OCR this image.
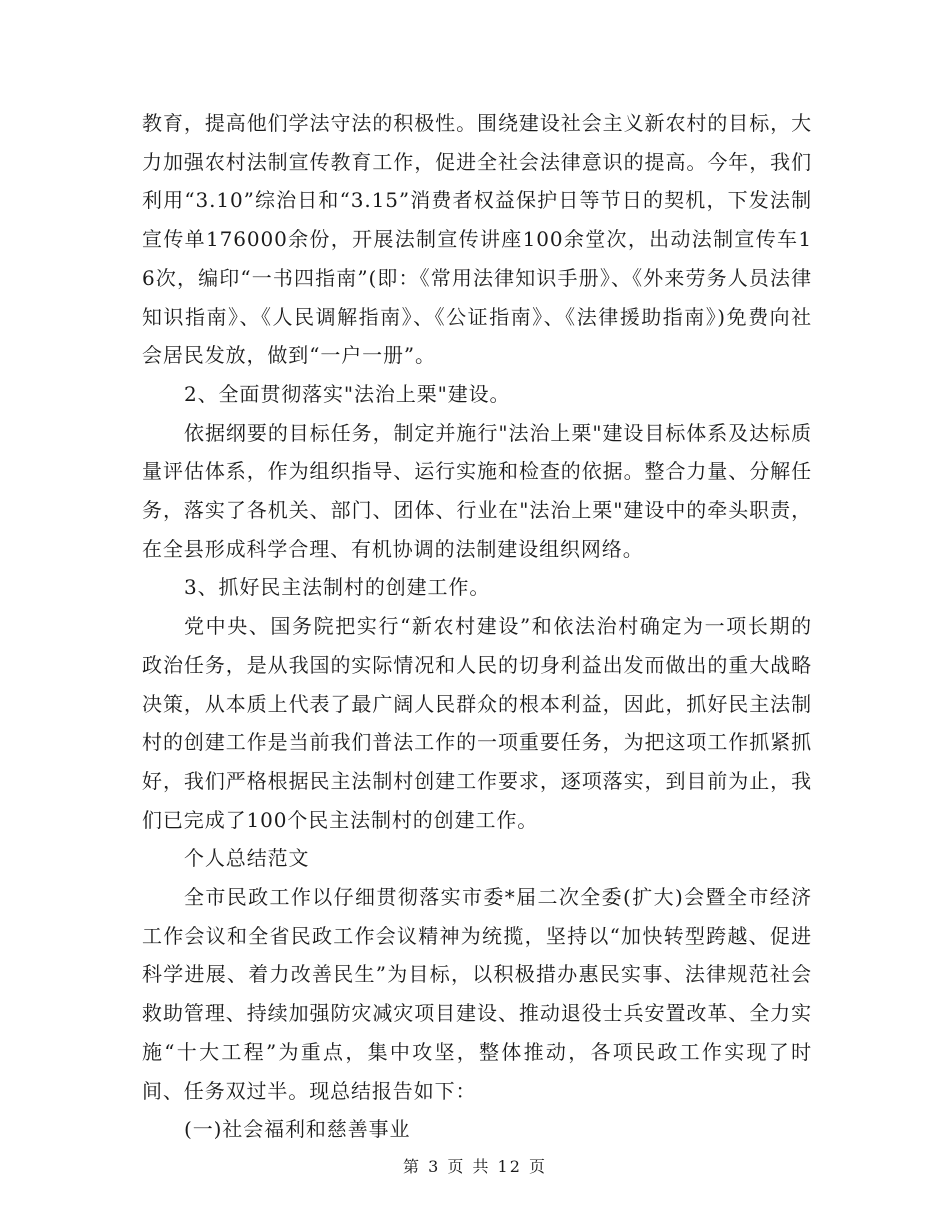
教育，提高他们学法守法的积极性。围绕建设社会主义新农村的目标，大力加强农村法制宣传教育工作，促进全社会法律意识的提高。今年，我们利用“3.10”综治日和“3.15”消费者权益保护日等节日的契机，下发法制宣传单176000余份，开展法制宣传讲座100余堂次，出动法制宣传车16次，编印“一书四指南”(即：《常用法律知识手册》、《外来劳务人员法律知识指南》、《人民调解指南》、《公证指南》、《法律援助指南》)免费向社会居民发放，做到“一户一册”。

2、全面贯彻落实"法治上栗"建设。

依据纲要的目标任务，制定并施行"法治上栗"建设目标体系及达标质量评估体系，作为组织指导、运行实施和检查的依据。整合力量、分解任务，落实了各机关、部门、团体、行业在"法治上栗"建设中的牵头职责，在全县形成科学合理、有机协调的法制建设组织网络。

3、抓好民主法制村的创建工作。

党中央、国务院把实行“新农村建设”和依法治村确定为一项长期的政治任务，是从我国的实际情况和人民的切身利益出发而做出的重大战略决策，从本质上代表了最广阔人民群众的根本利益，因此，抓好民主法制村的创建工作是当前我们普法工作的一项重要任务，为把这项工作抓紧抓好，我们严格根据民主法制村创建工作要求，逐项落实，到目前为止，我们已完成了100个民主法制村的创建工作。

个人总结范文

全市民政工作以仔细贯彻落实市委*届二次全委(扩大)会暨全市经济工作会议和全省民政工作会议精神为统揽，坚持以“加快转型跨越、促进科学进展、着力改善民生”为目标，以积极措办惠民实事、法律规范社会救助管理、持续加强防灾减灾项目建设、推动退役士兵安置改革、全力实施“十大工程”为重点，集中攻坚，整体推动，各项民政工作实现了时间、任务双过半。现总结报告如下：

(一)社会福利和慈善事业

第 3 页 共 12 页
